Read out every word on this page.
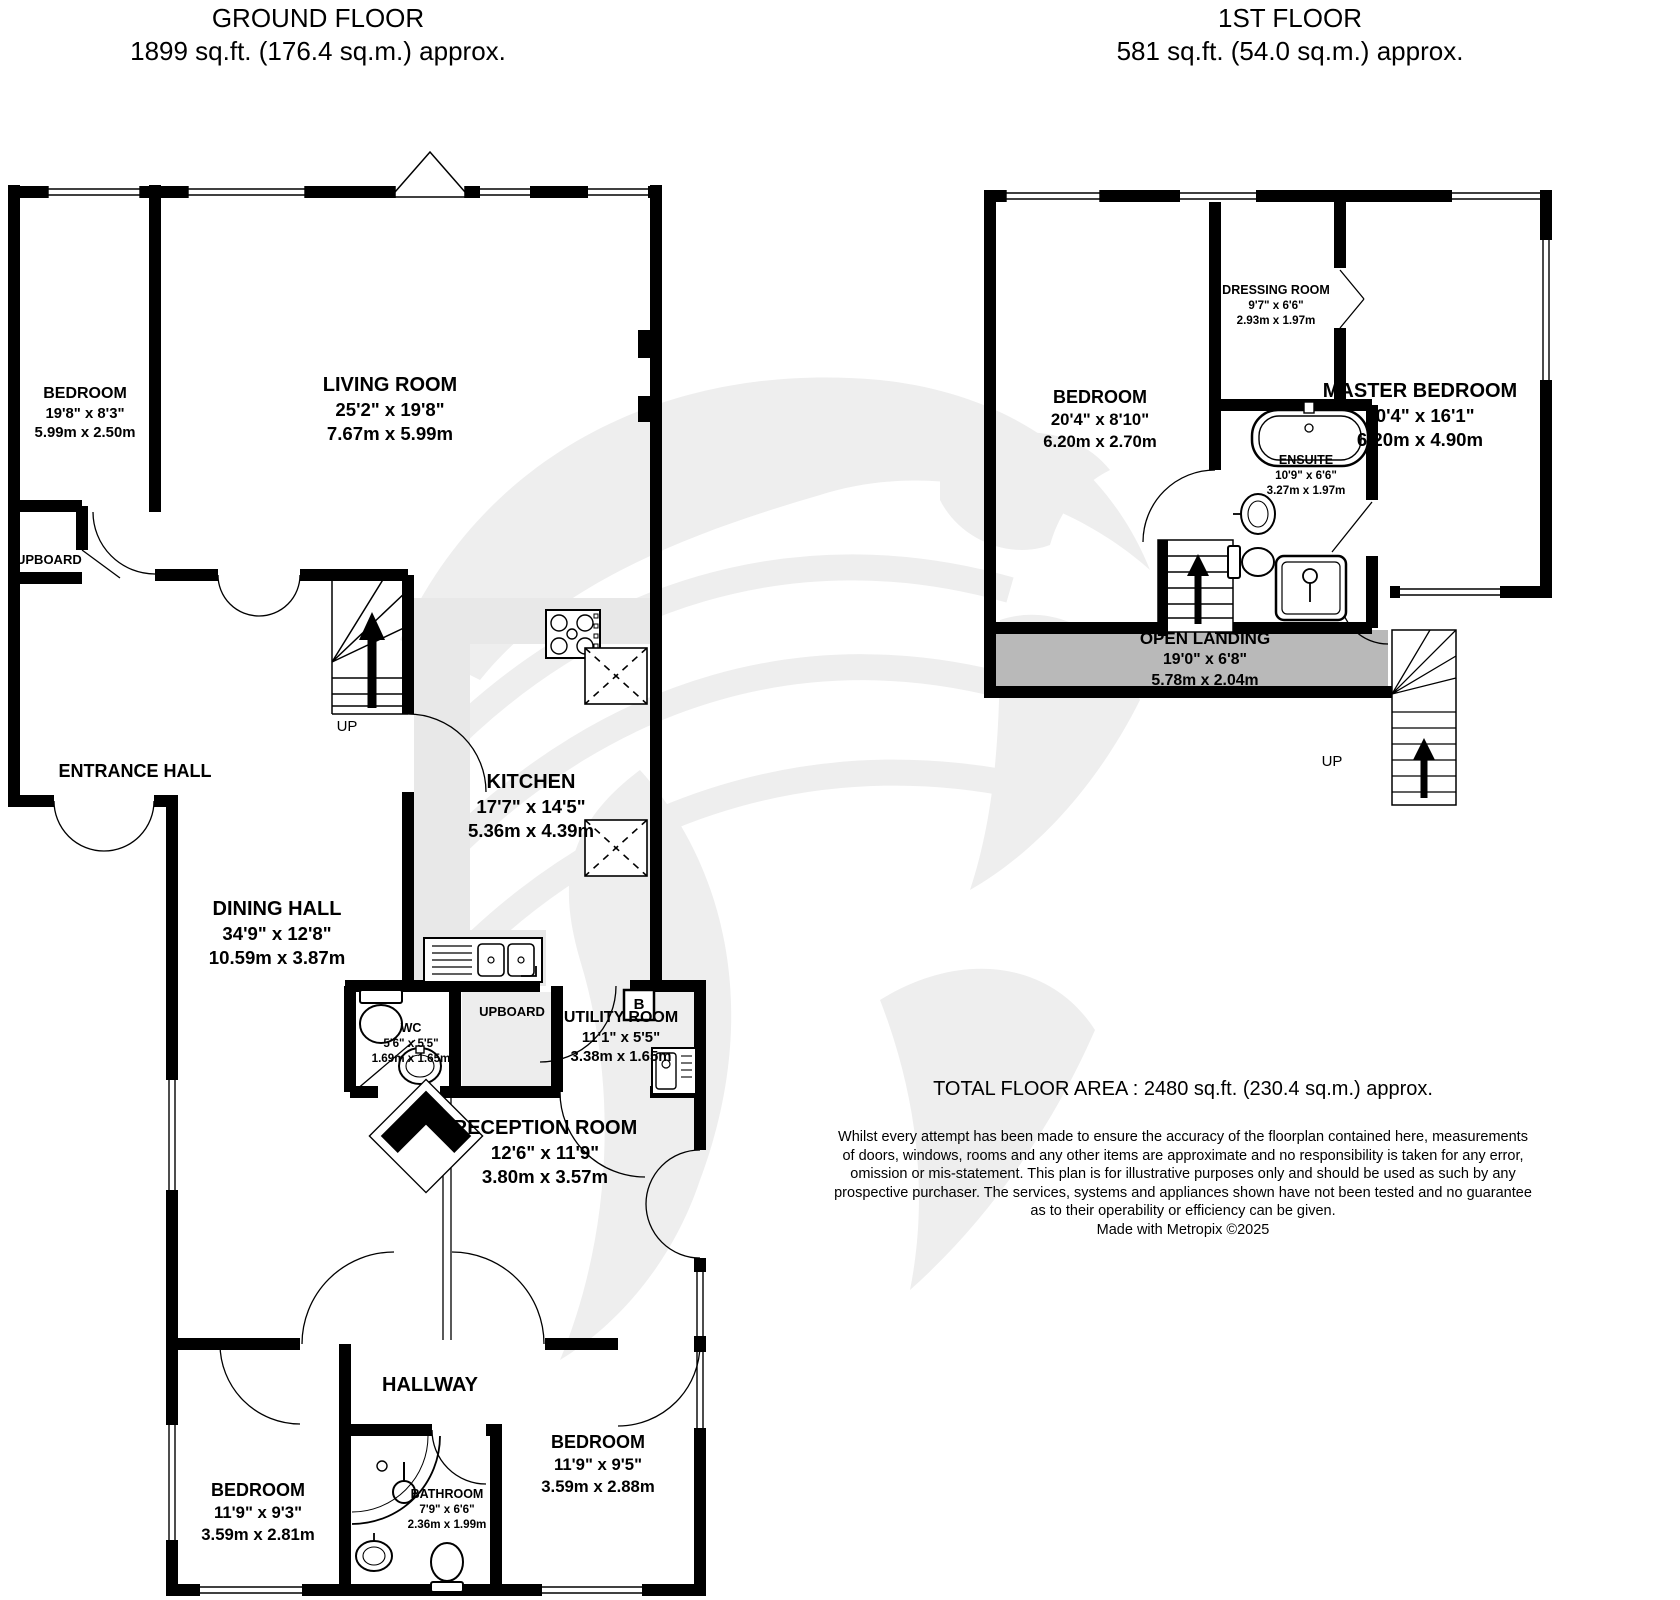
GROUND FLOOR
1899 sq.ft. (176.4 sq.m.) approx.
1ST FLOOR
581 sq.ft. (54.0 sq.m.) approx.
BEDROOM
19'8" x 8'3"
5.99m x 2.50m
LIVING ROOM
25'2" x 19'8"
7.67m x 5.99m
UPBOARD
ENTRANCE HALL	KITCHEN
17'7" x 14'5"
5.36m x 4.39m
DINING HALL
34'9" x 12'8"
10.59m x 3.87m
WC
5'6" x 5'5"
1.69m x 1.65m
UPBOARD UTILITY ROOM
11'1" x 5'5"
3.38m x 1.65m
RECEPTION ROOM
12'6" x 11'9"
3.80m x 3.57m
HALLWAY
BEDROOM
11'9" x 9'3"
3.59m x 2.81m
BATHROOM
7'9" x 6'6"
2.36m x 1.99m
BEDROOM
11'9" x 9'5"
3.59m x 2.88m
UP
B
BEDROOM
20'4" x 8'10"
6.20m x 2.70m
DRESSING ROOM
9'7" x 6'6"
2.93m x 1.97m
MASTER BEDROOM
20'4" x 16'1"
6.20m x 4.90m
ENSUITE
10'9" x 6'6"
3.27m x 1.97m
OPEN LANDING
19'0" x 6'8"
5.78m x 2.04m
UP
TOTAL FLOOR AREA : 2480 sq.ft. (230.4 sq.m.) approx.
Whilst every attempt has been made to ensure the accuracy of the floorplan contained here, measurements
of doors, windows, rooms and any other items are approximate and no responsibility is taken for any error,
omission or mis-statement. This plan is for illustrative purposes only and should be used as such by any
prospective purchaser. The services, systems and appliances shown have not been tested and no guarantee
as to their operability or efficiency can be given.
Made with Metropix ©2025
